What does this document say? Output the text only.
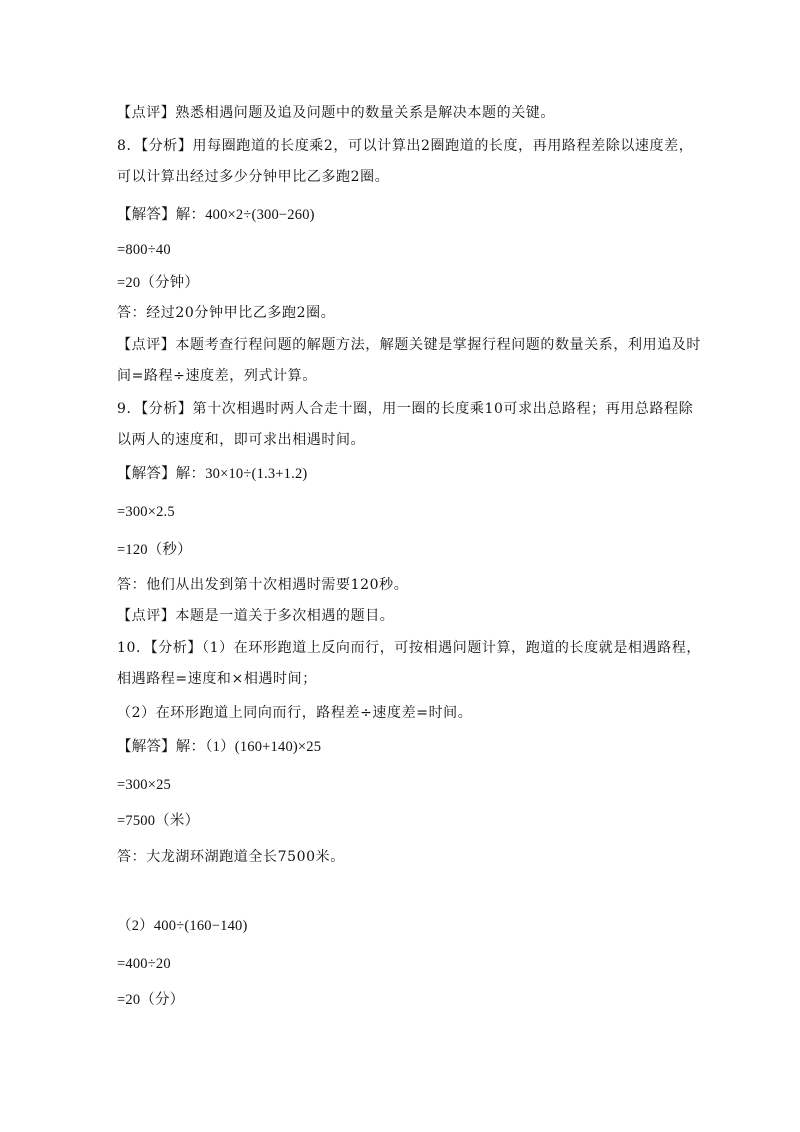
【点评】熟悉相遇问题及追及问题中的数量关系是解决本题的关键。
8．【分析】用每圈跑道的长度乘2，可以计算出2圈跑道的长度，再用路程差除以速度差，
可以计算出经过多少分钟甲比乙多跑2圈。
【解答】解：400×2÷(300−260)
=800÷40
=20（分钟）
答：经过20分钟甲比乙多跑2圈。
【点评】本题考查行程问题的解题方法，解题关键是掌握行程问题的数量关系，利用追及时
间=路程÷速度差，列式计算。
9．【分析】第十次相遇时两人合走十圈，用一圈的长度乘10可求出总路程；再用总路程除
以两人的速度和，即可求出相遇时间。
【解答】解：30×10÷(1.3+1.2)
=300×2.5
=120（秒）
答：他们从出发到第十次相遇时需要120秒。
【点评】本题是一道关于多次相遇的题目。
10．【分析】（1）在环形跑道上反向而行，可按相遇问题计算，跑道的长度就是相遇路程，
相遇路程=速度和×相遇时间；
（2）在环形跑道上同向而行，路程差÷速度差=时间。
【解答】解：（1）(160+140)×25
=300×25
=7500（米）
答：大龙湖环湖跑道全长7500米。
（2）400÷(160−140)
=400÷20
=20（分）
